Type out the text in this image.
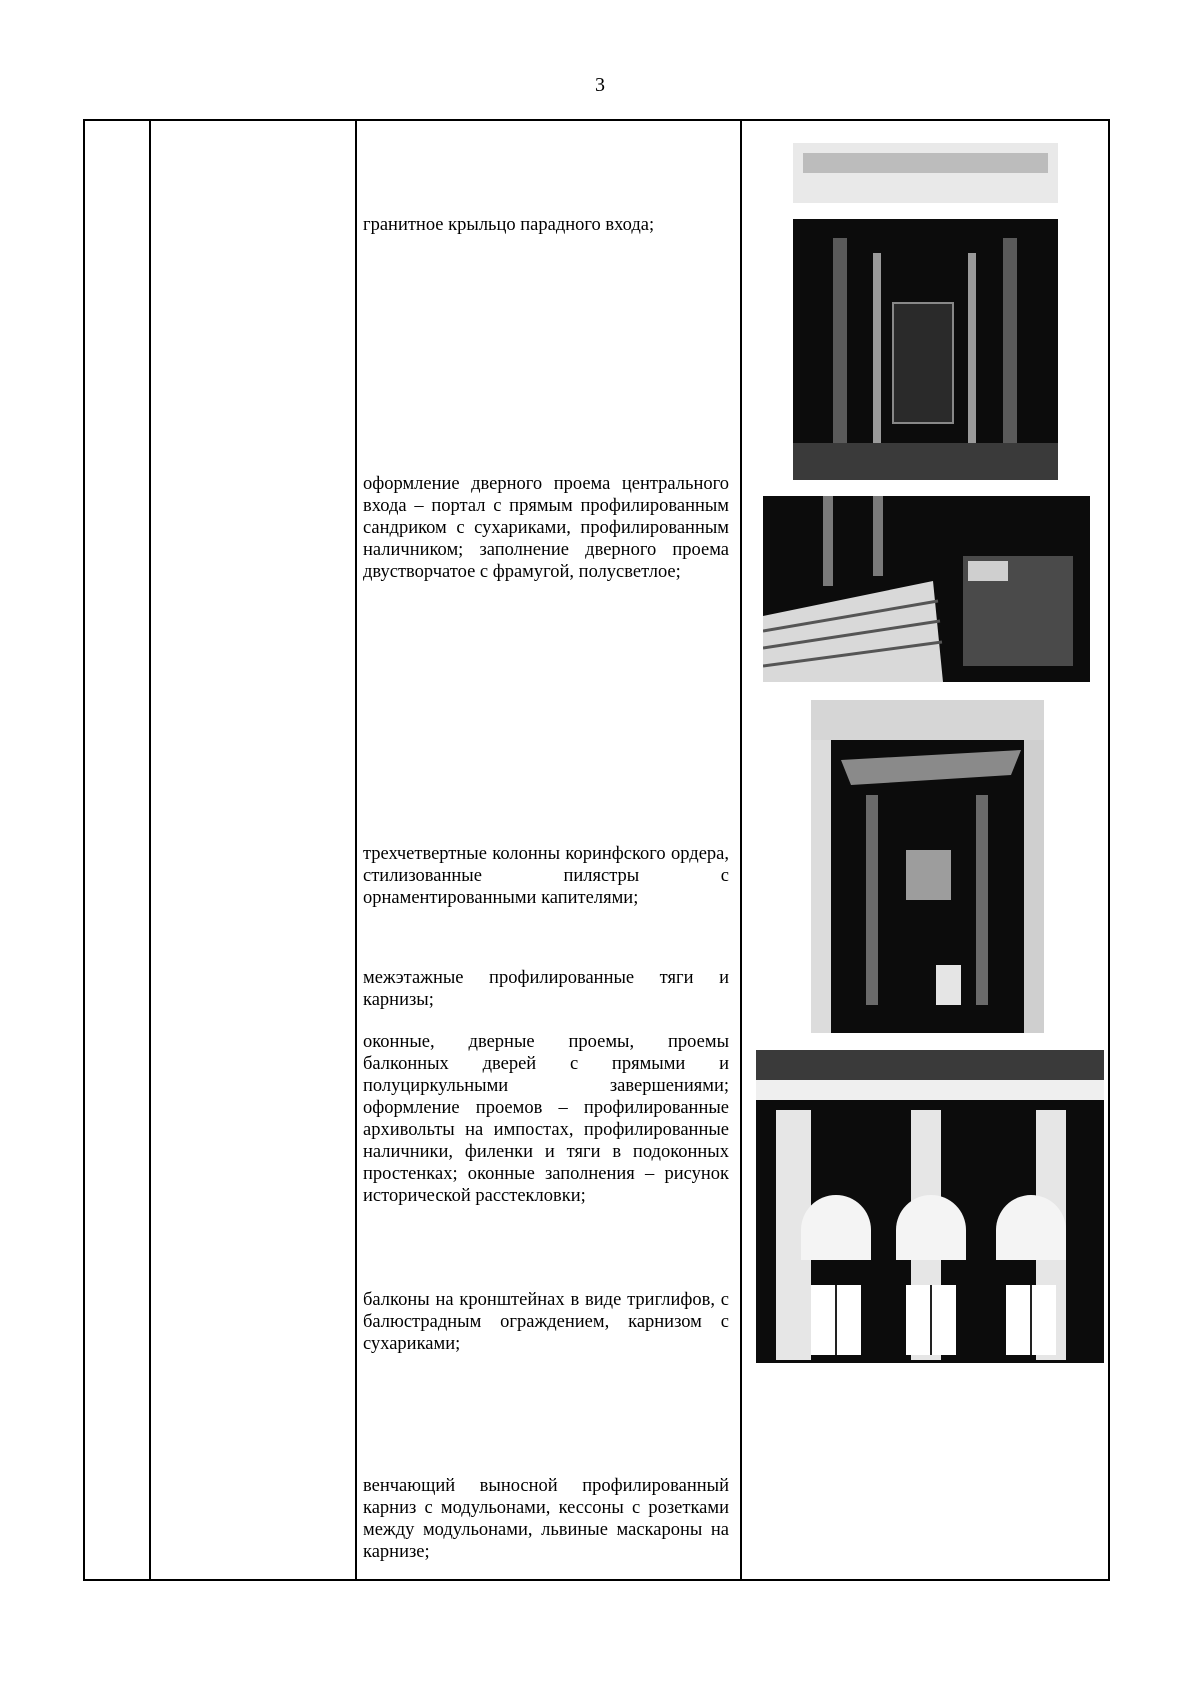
3
гранитное крыльцо парадного входа;
оформление дверного проема центрального входа – портал с прямым профилированным сандриком с сухариками, профилированным наличником; заполнение дверного проема двустворчатое с фрамугой, полусветлое;
трехчетвертные колонны коринфского ордера, стилизованные пилястры с орнаментированными капителями;
межэтажные профилированные тяги и карнизы;
оконные, дверные проемы, проемы балконных дверей с прямыми и полуциркульными завершениями; оформление проемов – профилированные архивольты на импостах, профилированные наличники, филенки и тяги в подоконных простенках; оконные заполнения – рисунок исторической расстекловки;
балконы на кронштейнах в виде триглифов, с балюстрадным ограждением, карнизом с сухариками;
венчающий выносной профилированный карниз с модульонами, кессоны с розетками между модульонами, львиные маскароны на карнизе;
